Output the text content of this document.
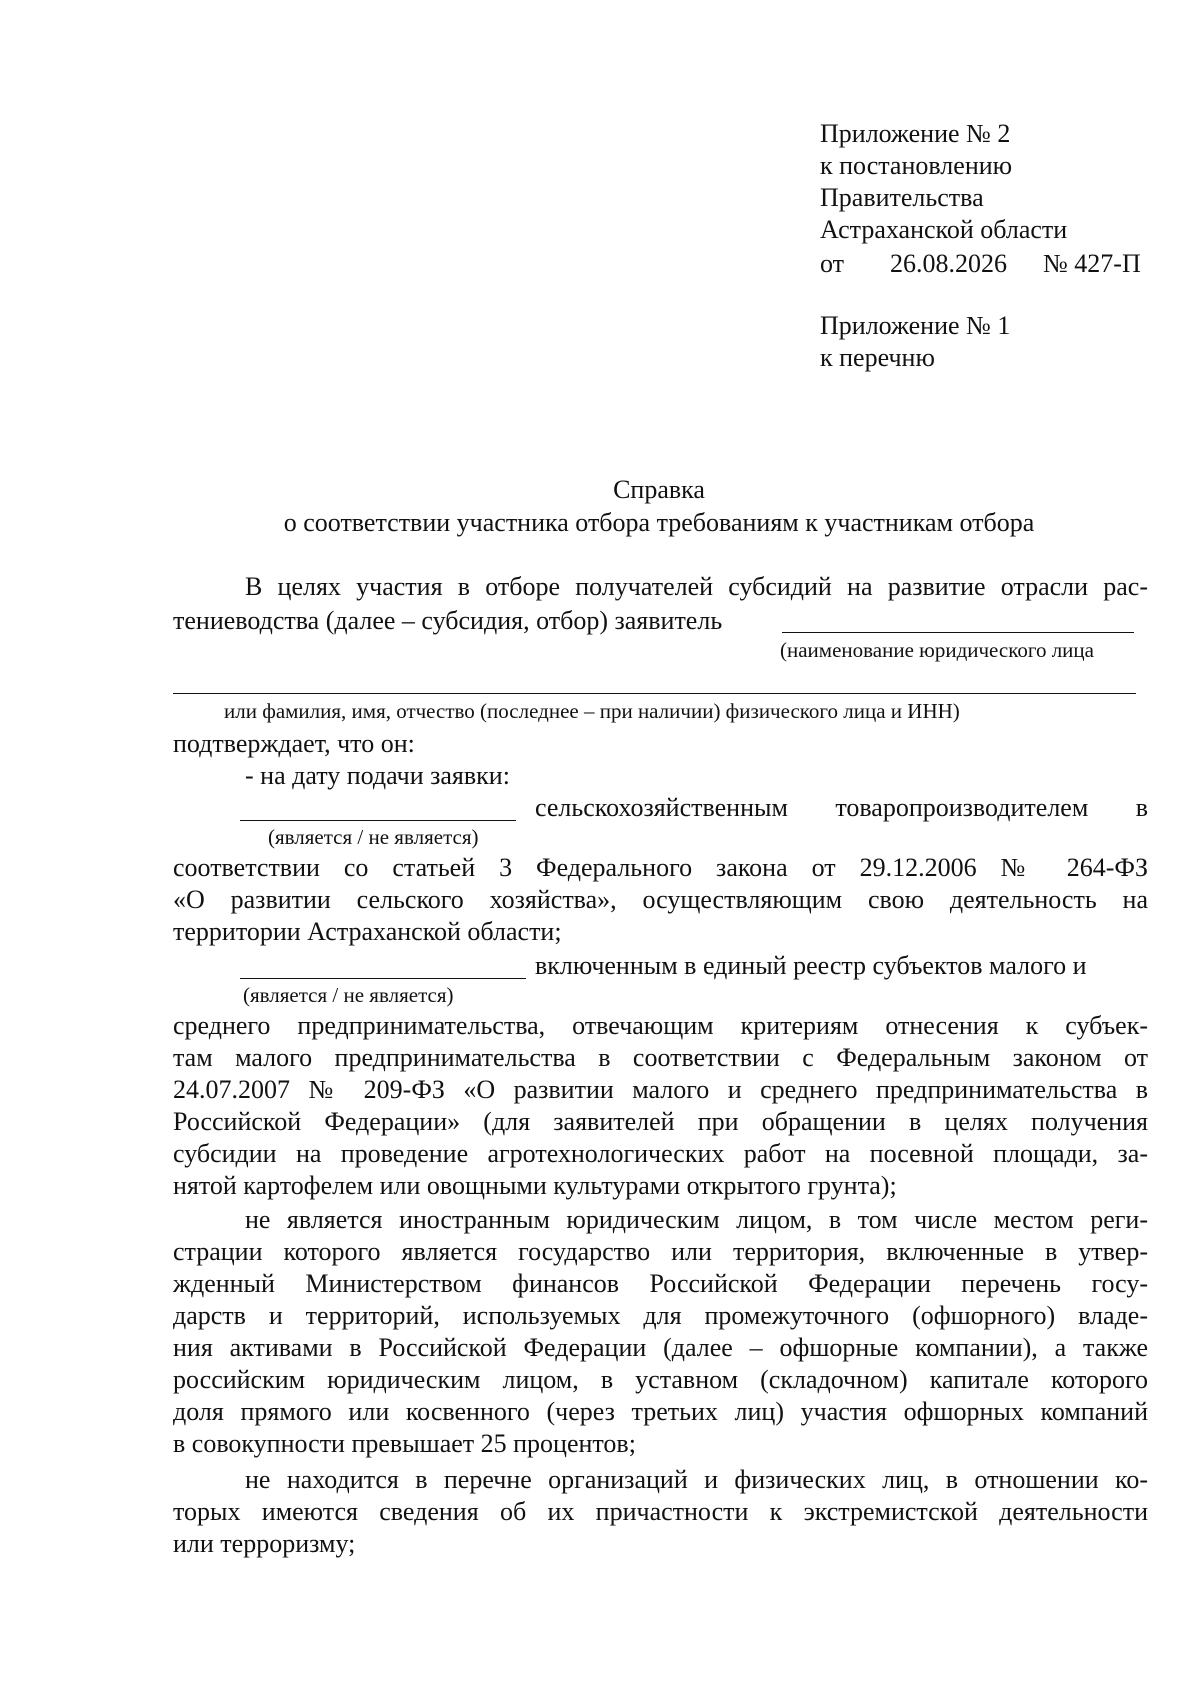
Приложение № 2
к постановлению
Правительства
Астраханской области
от 26.08.2026 № 427-П
Приложение № 1
к перечню
Справка
о соответствии участника отбора требованиям к участникам отбора
В целях участия в отборе получателей субсидий на развитие отрасли рас-
тениеводства (далее – субсидия, отбор) заявитель
(наименование юридического лица
или фамилия, имя, отчество (последнее – при наличии) физического лица и ИНН)
подтверждает, что он:
- на дату подачи заявки:
сельскохозяйственным товаропроизводителем в
(является / не является)
соответствии со статьей 3 Федерального закона от 29.12.2006 № 264-ФЗ
«О развитии сельского хозяйства», осуществляющим свою деятельность на
территории Астраханской области;
включенным в единый реестр субъектов малого и
(является / не является)
среднего предпринимательства, отвечающим критериям отнесения к субъек-
там малого предпринимательства в соответствии с Федеральным законом от
24.07.2007 № 209-ФЗ «О развитии малого и среднего предпринимательства в
Российской Федерации» (для заявителей при обращении в целях получения
субсидии на проведение агротехнологических работ на посевной площади, за-
нятой картофелем или овощными культурами открытого грунта);
не является иностранным юридическим лицом, в том числе местом реги-
страции которого является государство или территория, включенные в утвер-
жденный Министерством финансов Российской Федерации перечень госу-
дарств и территорий, используемых для промежуточного (офшорного) владе-
ния активами в Российской Федерации (далее – офшорные компании), а также
российским юридическим лицом, в уставном (складочном) капитале которого
доля прямого или косвенного (через третьих лиц) участия офшорных компаний
в совокупности превышает 25 процентов;
не находится в перечне организаций и физических лиц, в отношении ко-
торых имеются сведения об их причастности к экстремистской деятельности
или терроризму;
